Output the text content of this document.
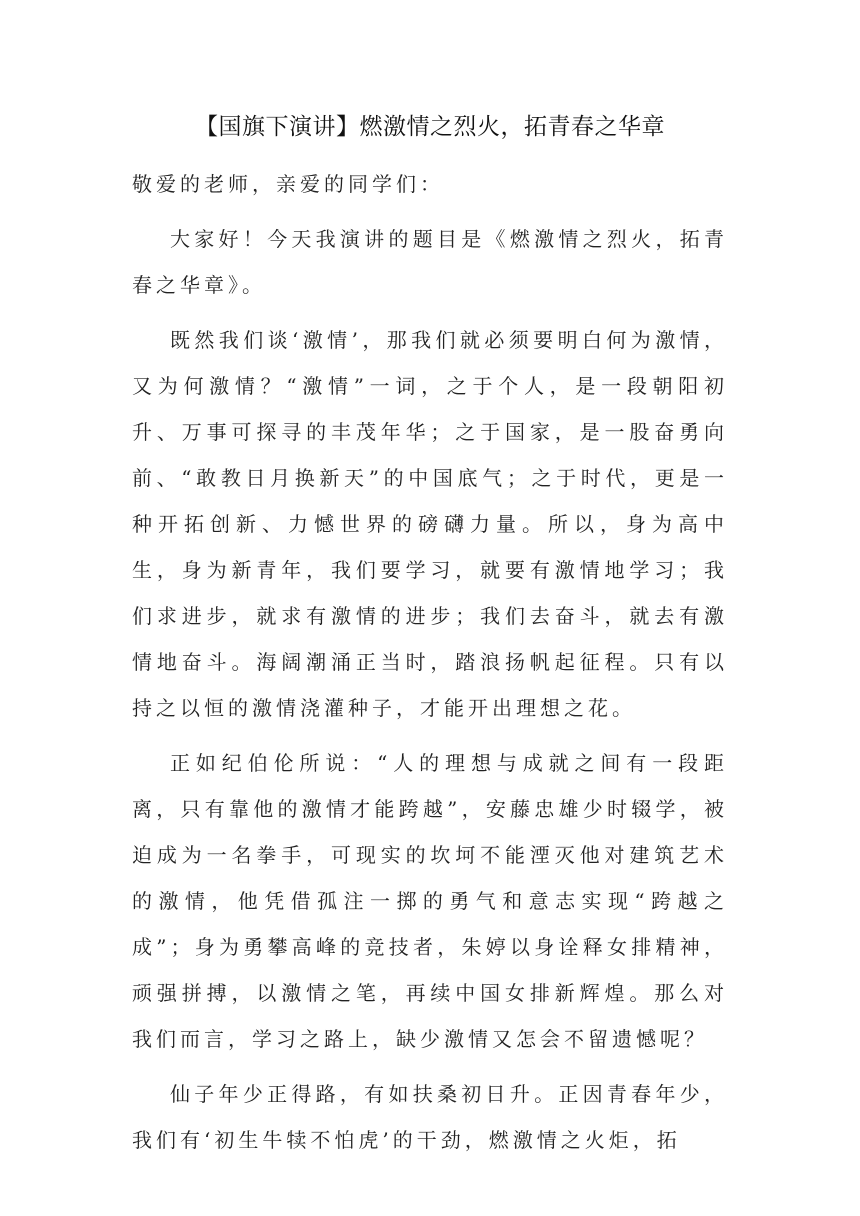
【国旗下演讲】燃激情之烈火，拓青春之华章

敬爱的老师，亲爱的同学们：

大家好！今天我演讲的题目是《燃激情之烈火，拓青春之华章》。

既然我们谈‘激情’，那我们就必须要明白何为激情，又为何激情？“激情”一词，之于个人，是一段朝阳初升、万事可探寻的丰茂年华；之于国家，是一股奋勇向前、“敢教日月换新天”的中国底气；之于时代，更是一种开拓创新、力憾世界的磅礴力量。所以，身为高中生，身为新青年，我们要学习，就要有激情地学习；我们求进步，就求有激情的进步；我们去奋斗，就去有激情地奋斗。海阔潮涌正当时，踏浪扬帆起征程。只有以持之以恒的激情浇灌种子，才能开出理想之花。

正如纪伯伦所说：“人的理想与成就之间有一段距离，只有靠他的激情才能跨越”，安藤忠雄少时辍学，被迫成为一名拳手，可现实的坎坷不能湮灭他对建筑艺术的激情，他凭借孤注一掷的勇气和意志实现“跨越之成”；身为勇攀高峰的竞技者，朱婷以身诠释女排精神，顽强拼搏，以激情之笔，再续中国女排新辉煌。那么对我们而言，学习之路上，缺少激情又怎会不留遗憾呢？

仙子年少正得路，有如扶桑初日升。正因青春年少，我们有‘初生牛犊不怕虎’的干劲，燃激情之火炬，拓
